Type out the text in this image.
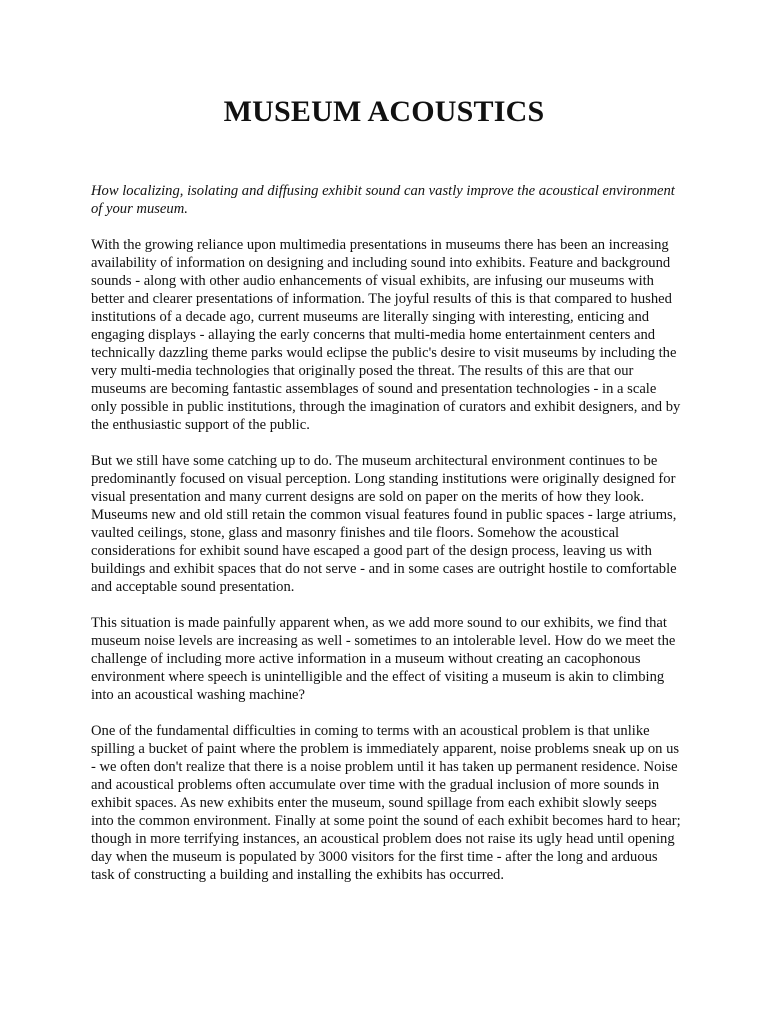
MUSEUM ACOUSTICS

How localizing, isolating and diffusing exhibit sound can vastly improve the acoustical environment of your museum.

With the growing reliance upon multimedia presentations in museums there has been an increasing availability of information on designing and including sound into exhibits. Feature and background sounds - along with other audio enhancements of visual exhibits, are infusing our museums with better and clearer presentations of information. The joyful results of this is that compared to hushed institutions of a decade ago, current museums are literally singing with interesting, enticing and engaging displays - allaying the early concerns that multi-media home entertainment centers and technically dazzling theme parks would eclipse the public's desire to visit museums by including the very multi-media technologies that originally posed the threat. The results of this are that our museums are becoming fantastic assemblages of sound and presentation technologies - in a scale only possible in public institutions, through the imagination of curators and exhibit designers, and by the enthusiastic support of the public.

But we still have some catching up to do. The museum architectural environment continues to be predominantly focused on visual perception. Long standing institutions were originally designed for visual presentation and many current designs are sold on paper on the merits of how they look. Museums new and old still retain the common visual features found in public spaces - large atriums, vaulted ceilings, stone, glass and masonry finishes and tile floors. Somehow the acoustical considerations for exhibit sound have escaped a good part of the design process, leaving us with buildings and exhibit spaces that do not serve - and in some cases are outright hostile to comfortable and acceptable sound presentation.

This situation is made painfully apparent when, as we add more sound to our exhibits, we find that museum noise levels are increasing as well - sometimes to an intolerable level. How do we meet the challenge of including more active information in a museum without creating an cacophonous environment where speech is unintelligible and the effect of visiting a museum is akin to climbing into an acoustical washing machine?

One of the fundamental difficulties in coming to terms with an acoustical problem is that unlike spilling a bucket of paint where the problem is immediately apparent, noise problems sneak up on us - we often don't realize that there is a noise problem until it has taken up permanent residence. Noise and acoustical problems often accumulate over time with the gradual inclusion of more sounds in exhibit spaces. As new exhibits enter the museum, sound spillage from each exhibit slowly seeps into the common environment. Finally at some point the sound of each exhibit becomes hard to hear; though in more terrifying instances, an acoustical problem does not raise its ugly head until opening day when the museum is populated by 3000 visitors for the first time - after the long and arduous task of constructing a building and installing the exhibits has occurred.
